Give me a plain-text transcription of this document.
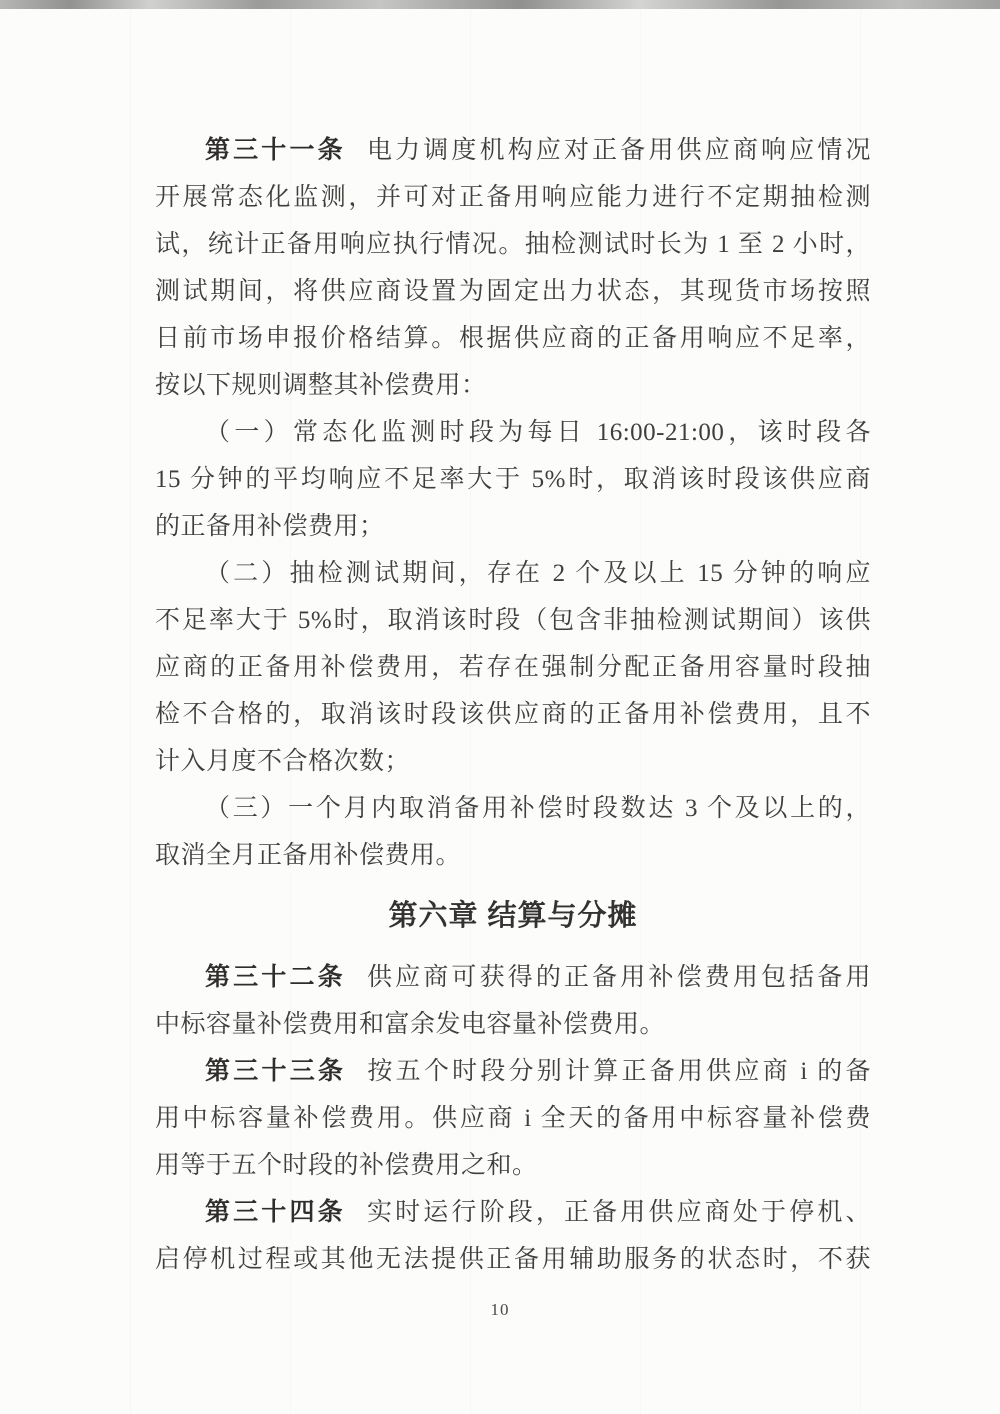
第三十一条 电力调度机构应对正备用供应商响应情况
开展常态化监测，并可对正备用响应能力进行不定期抽检测
试，统计正备用响应执行情况。抽检测试时长为 1 至 2 小时，
测试期间，将供应商设置为固定出力状态，其现货市场按照
日前市场申报价格结算。根据供应商的正备用响应不足率，
按以下规则调整其补偿费用：
（一）常态化监测时段为每日 16:00-21:00，该时段各
15 分钟的平均响应不足率大于 5%时，取消该时段该供应商
的正备用补偿费用；
（二）抽检测试期间，存在 2 个及以上 15 分钟的响应
不足率大于 5%时，取消该时段（包含非抽检测试期间）该供
应商的正备用补偿费用，若存在强制分配正备用容量时段抽
检不合格的，取消该时段该供应商的正备用补偿费用，且不
计入月度不合格次数；
（三）一个月内取消备用补偿时段数达 3 个及以上的，
取消全月正备用补偿费用。
第六章 结算与分摊
第三十二条 供应商可获得的正备用补偿费用包括备用
中标容量补偿费用和富余发电容量补偿费用。
第三十三条 按五个时段分别计算正备用供应商 i 的备
用中标容量补偿费用。供应商 i 全天的备用中标容量补偿费
用等于五个时段的补偿费用之和。
第三十四条 实时运行阶段，正备用供应商处于停机、
启停机过程或其他无法提供正备用辅助服务的状态时，不获
10
